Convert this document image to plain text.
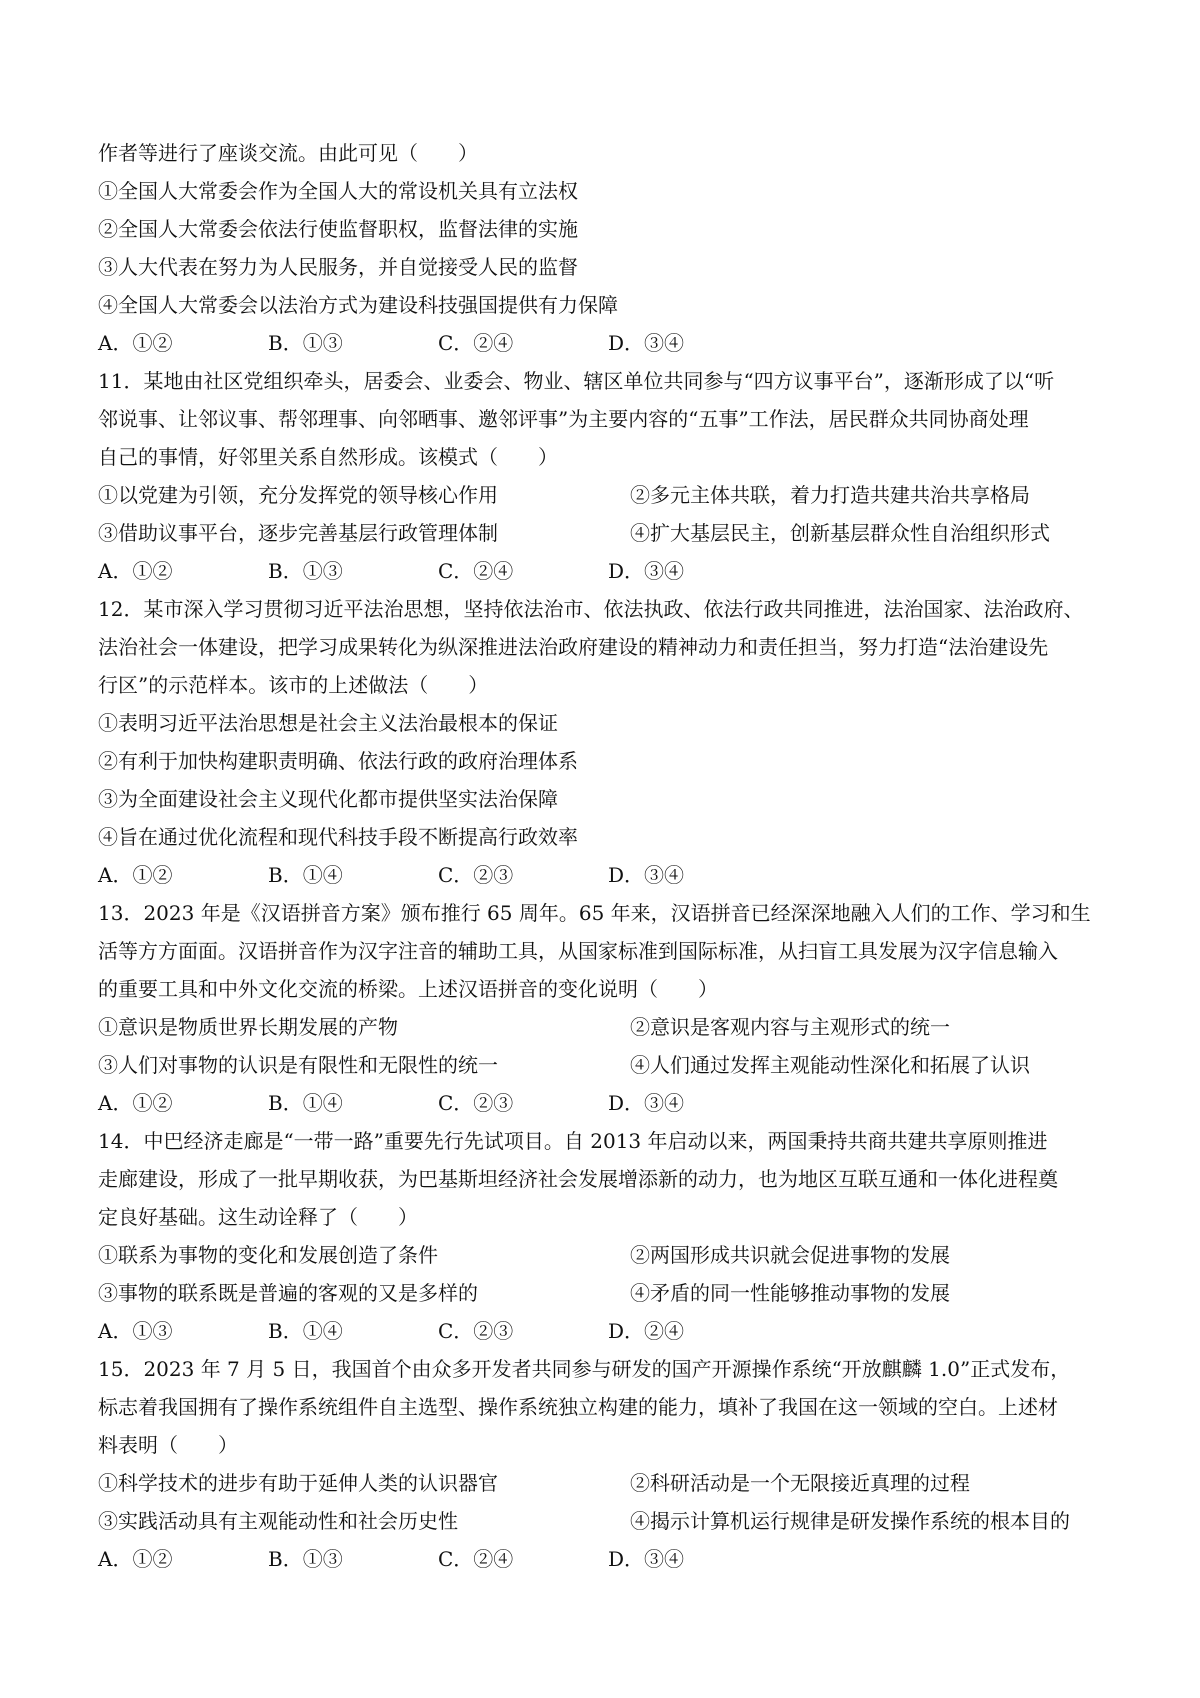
作者等进行了座谈交流。由此可见（　　）

①全国人大常委会作为全国人大的常设机关具有立法权

②全国人大常委会依法行使监督职权，监督法律的实施

③人大代表在努力为人民服务，并自觉接受人民的监督

④全国人大常委会以法治方式为建设科技强国提供有力保障

A．①②	B．①③	C．②④	D．③④

11．某地由社区党组织牵头，居委会、业委会、物业、辖区单位共同参与“四方议事平台”，逐渐形成了以“听

邻说事、让邻议事、帮邻理事、向邻晒事、邀邻评事”为主要内容的“五事”工作法，居民群众共同协商处理

自己的事情，好邻里关系自然形成。该模式（　　）

①以党建为引领，充分发挥党的领导核心作用	②多元主体共联，着力打造共建共治共享格局

③借助议事平台，逐步完善基层行政管理体制	④扩大基层民主，创新基层群众性自治组织形式

A．①②	B．①③	C．②④	D．③④

12．某市深入学习贯彻习近平法治思想，坚持依法治市、依法执政、依法行政共同推进，法治国家、法治政府、

法治社会一体建设，把学习成果转化为纵深推进法治政府建设的精神动力和责任担当，努力打造“法治建设先

行区”的示范样本。该市的上述做法（　　）

①表明习近平法治思想是社会主义法治最根本的保证

②有利于加快构建职责明确、依法行政的政府治理体系

③为全面建设社会主义现代化都市提供坚实法治保障

④旨在通过优化流程和现代科技手段不断提高行政效率

A．①②	B．①④	C．②③	D．③④

13．2023 年是《汉语拼音方案》颁布推行 65 周年。65 年来，汉语拼音已经深深地融入人们的工作、学习和生

活等方方面面。汉语拼音作为汉字注音的辅助工具，从国家标准到国际标准，从扫盲工具发展为汉字信息输入

的重要工具和中外文化交流的桥梁。上述汉语拼音的变化说明（　　）

①意识是物质世界长期发展的产物	②意识是客观内容与主观形式的统一

③人们对事物的认识是有限性和无限性的统一	④人们通过发挥主观能动性深化和拓展了认识

A．①②	B．①④	C．②③	D．③④

14．中巴经济走廊是“一带一路”重要先行先试项目。自 2013 年启动以来，两国秉持共商共建共享原则推进

走廊建设，形成了一批早期收获，为巴基斯坦经济社会发展增添新的动力，也为地区互联互通和一体化进程奠

定良好基础。这生动诠释了（　　）

①联系为事物的变化和发展创造了条件	②两国形成共识就会促进事物的发展

③事物的联系既是普遍的客观的又是多样的	④矛盾的同一性能够推动事物的发展

A．①③	B．①④	C．②③	D．②④

15．2023 年 7 月 5 日，我国首个由众多开发者共同参与研发的国产开源操作系统“开放麒麟 1.0”正式发布，

标志着我国拥有了操作系统组件自主选型、操作系统独立构建的能力，填补了我国在这一领域的空白。上述材

料表明（　　）

①科学技术的进步有助于延伸人类的认识器官	②科研活动是一个无限接近真理的过程

③实践活动具有主观能动性和社会历史性	④揭示计算机运行规律是研发操作系统的根本目的

A．①②	B．①③	C．②④	D．③④
